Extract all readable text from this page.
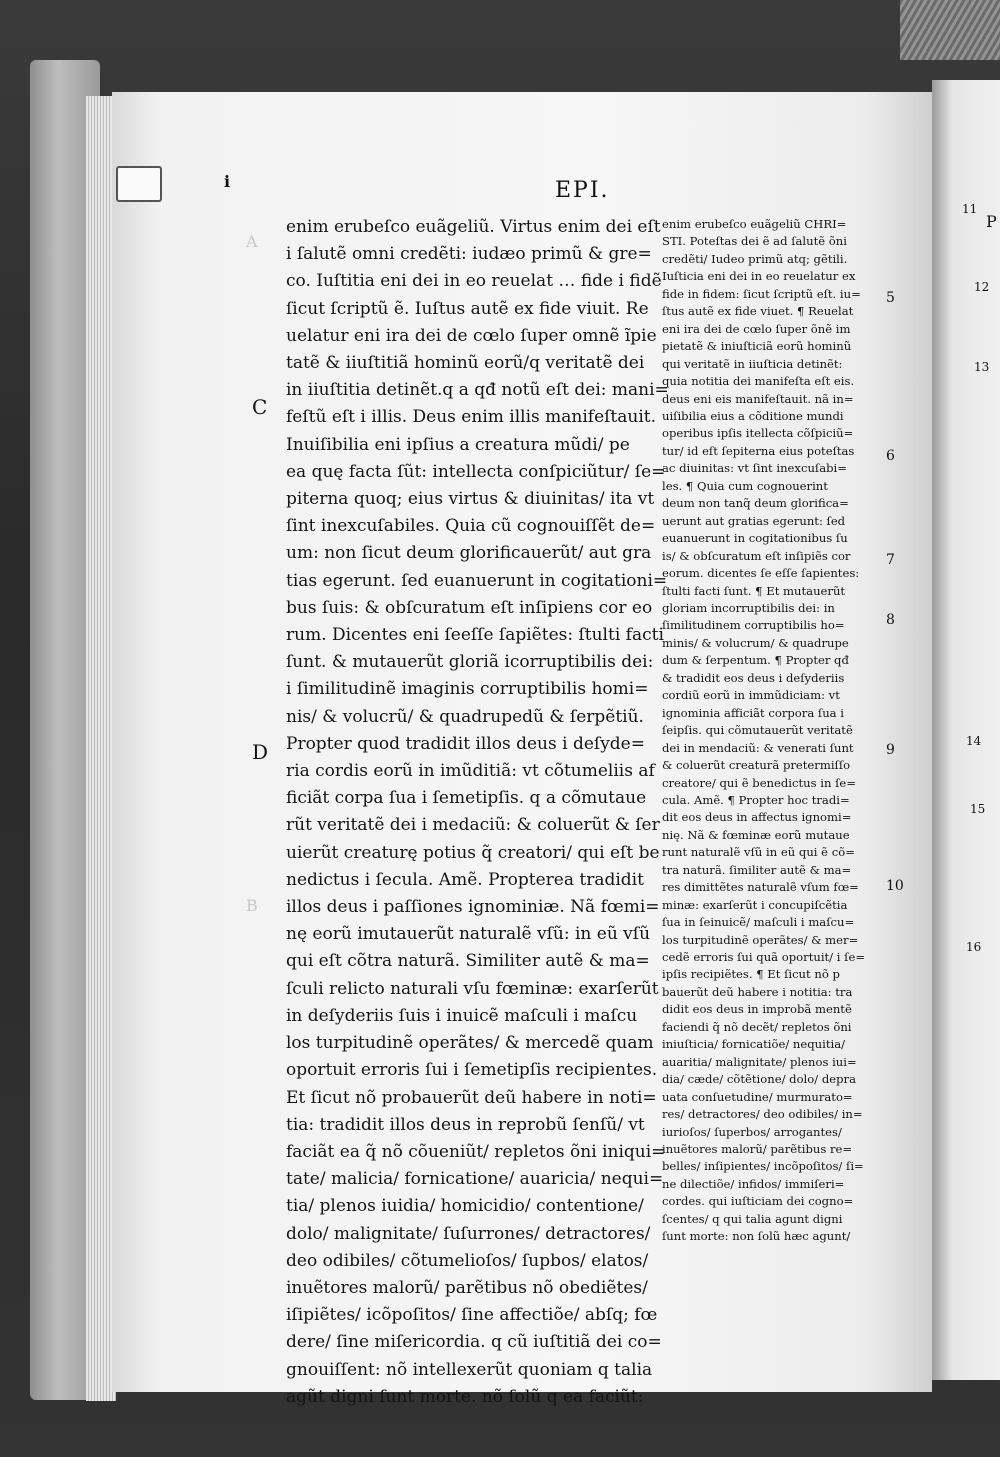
i	EPI.
C
D
A
B
enim erubeſco euãgeliũ. Virtus enim dei eſt
i ſalutẽ omni credẽti: iudæo primũ & gre=
co. Iuſtitia eni dei in eo reuelat … fide i fidẽ
ſicut ſcriptũ ẽ. Iuſtus autẽ ex fide viuit. Re
uelatur eni ira dei de cœlo ſuper omnẽ ĩpie
tatẽ & iiuſtitiã hominũ eorũ/q veritatẽ dei
in iiuſtitia detinẽt.q a qđ notũ eſt dei: mani=
feſtũ eſt i illis. Deus enim illis manifeſtauit.
Inuiſibilia eni ipſius a creatura mũdi/ pe
ea quę facta ſũt: intellecta conſpiciũtur/ ſe=
piterna quoq; eius virtus & diuinitas/ ita vt
ſint inexcuſabiles. Quia cũ cognouiſſẽt de=
um: non ſicut deum glorificauerũt/ aut gra
tias egerunt. ſed euanuerunt in cogitationi=
bus ſuis: & obſcuratum eſt inſipiens cor eo
rum. Dicentes eni ſeeſſe ſapiẽtes: ſtulti facti
ſunt. & mutauerũt gloriã icorruptibilis dei:
i ſimilitudinẽ imaginis corruptibilis homi=
nis/ & volucrũ/ & quadrupedũ & ſerpẽtiũ.
Propter quod tradidit illos deus i deſyde=
ria cordis eorũ in imũditiã: vt cõtumeliis af
ficiãt corpa ſua i ſemetipſis. q a cõmutaue
rũt veritatẽ dei i medaciũ: & coluerũt & ſer
uierũt creaturę potius q̃ creatori/ qui eſt be
nedictus i ſecula. Amẽ. Propterea tradidit
illos deus i paſſiones ignominiæ. Nã fœmi=
nę eorũ imutauerũt naturalẽ vſũ: in eũ vſũ
qui eſt cõtra naturã. Similiter autẽ & ma=
ſculi relicto naturali vſu fœminæ: exarſerũt
in deſyderiis ſuis i inuicẽ maſculi i maſcu
los turpitudinẽ operãtes/ & mercedẽ quam
oportuit erroris ſui i ſemetipſis recipientes.
Et ſicut nõ probauerũt deũ habere in noti=
tia: tradidit illos deus in reprobũ ſenſũ/ vt
faciãt ea q̃ nõ cõueniũt/ repletos õni iniqui=
tate/ malicia/ fornicatione/ auaricia/ nequi=
tia/ plenos iuidia/ homicidio/ contentione/
dolo/ malignitate/ ſuſurrones/ detractores/
deo odibiles/ cõtumelioſos/ ſupbos/ elatos/
inuẽtores malorũ/ parẽtibus nõ obediẽtes/
iſipiẽtes/ icõpoſitos/ ſine affectiõe/ abſq; fœ
dere/ ſine miſericordia. q cũ iuſtitiã dei co=
gnouiſſent: nõ intellexerũt quoniam q talia
agũt digni ſunt morte. nõ ſolũ q ea faciũt:
enim erubeſco euãgeliũ CHRI=
STI. Poteſtas dei ẽ ad ſalutẽ õni
credẽti/ Iudeo primũ atq; gẽtili.
Iuſticia eni dei in eo reuelatur ex
fide in fidem: ſicut ſcriptũ eſt. iu=
ſtus autẽ ex fide viuet. ¶ Reuelat
eni ira dei de cœlo ſuper õnẽ im
pietatẽ & iniuſticiã eorũ hominũ
qui veritatẽ in iiuſticia detinẽt:
quia notitia dei manifeſta eſt eis.
deus eni eis manifeſtauit. nã in=
uiſibilia eius a cõditione mundi
operibus ipſis itellecta cõſpiciũ=
tur/ id eſt ſepiterna eius poteſtas
ac diuinitas: vt ſint inexcuſabi=
les. ¶ Quia cum cognouerint
deum non tanq̃ deum glorifica=
uerunt aut gratias egerunt: ſed
euanuerunt in cogitationibus ſu
is/ & obſcuratum eſt inſipiẽs cor
eorum. dicentes ſe eſſe ſapientes:
ſtulti facti ſunt. ¶ Et mutauerũt
gloriam incorruptibilis dei: in
ſimilitudinem corruptibilis ho=
minis/ & volucrum/ & quadrupe
dum & ſerpentum. ¶ Propter qđ
& tradidit eos deus i deſyderiis
cordiũ eorũ in immũdiciam: vt
ignominia afficiãt corpora ſua i
ſeipſis. qui cõmutauerũt veritatẽ
dei in mendaciũ: & venerati ſunt
& coluerũt creaturã pretermiſſo
creatore/ qui ẽ benedictus in ſe=
cula. Amẽ. ¶ Propter hoc tradi=
dit eos deus in affectus ignomi=
nię. Nã & fœminæ eorũ mutaue
runt naturalẽ vſũ in eũ qui ẽ cõ=
tra naturã. ſimiliter autẽ & ma=
res dimittẽtes naturalẽ vſum fœ=
minæ: exarſerũt i concupiſcẽtia
ſua in ſeinuicẽ/ maſculi i maſcu=
los turpitudinẽ operãtes/ & mer=
cedẽ erroris ſui quã oportuit/ i ſe=
ipſis recipiẽtes. ¶ Et ſicut nõ p
bauerũt deũ habere i notitia: tra
didit eos deus in improbã mentẽ
faciendi q̃ nõ decẽt/ repletos õni
iniuſticia/ fornicatiõe/ nequitia/
auaritia/ malignitate/ plenos iui=
dia/ cæde/ cõtẽtione/ dolo/ depra
uata conſuetudine/ murmurato=
res/ detractores/ deo odibiles/ in=
iurioſos/ ſuperbos/ arrogantes/
inuẽtores malorũ/ parẽtibus re=
belles/ inſipientes/ incõpoſitos/ ſi=
ne dilectiõe/ infidos/ immiſeri=
cordes. qui iuſticiam dei cogno=
ſcentes/ q qui talia agunt digni
ſunt morte: non ſolũ hæc agunt/
5
6
7
8
9
10
11
P
12
13
14
15
16
